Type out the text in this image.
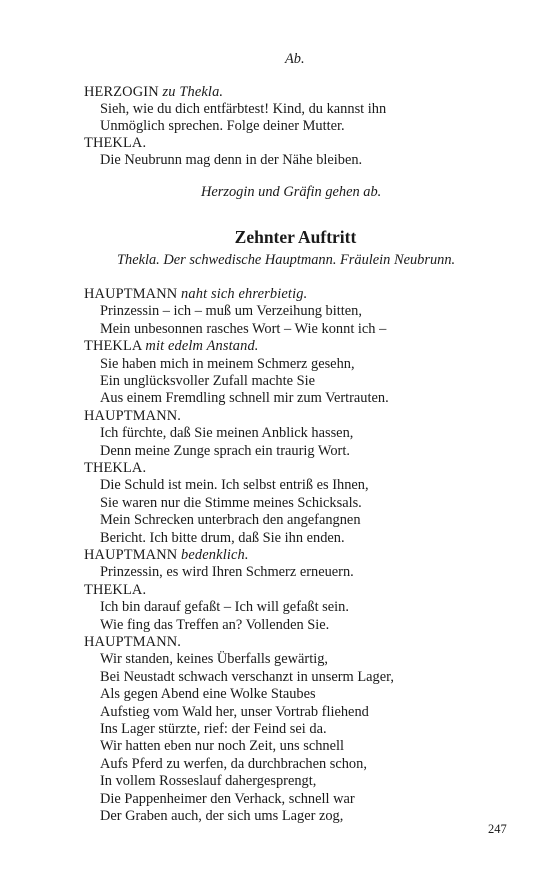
Ab.
HERZOGIN zu Thekla.
Sieh, wie du dich entfärbtest! Kind, du kannst ihn
Unmöglich sprechen. Folge deiner Mutter.
THEKLA.
Die Neubrunn mag denn in der Nähe bleiben.
Herzogin und Gräfin gehen ab.
Zehnter Auftritt
Thekla. Der schwedische Hauptmann. Fräulein Neubrunn.
HAUPTMANN naht sich ehrerbietig.
Prinzessin – ich – muß um Verzeihung bitten,
Mein unbesonnen rasches Wort – Wie konnt ich –
THEKLA mit edelm Anstand.
Sie haben mich in meinem Schmerz gesehn,
Ein unglücksvoller Zufall machte Sie
Aus einem Fremdling schnell mir zum Vertrauten.
HAUPTMANN.
Ich fürchte, daß Sie meinen Anblick hassen,
Denn meine Zunge sprach ein traurig Wort.
THEKLA.
Die Schuld ist mein. Ich selbst entriß es Ihnen,
Sie waren nur die Stimme meines Schicksals.
Mein Schrecken unterbrach den angefangnen
Bericht. Ich bitte drum, daß Sie ihn enden.
HAUPTMANN bedenklich.
Prinzessin, es wird Ihren Schmerz erneuern.
THEKLA.
Ich bin darauf gefaßt – Ich will gefaßt sein.
Wie fing das Treffen an? Vollenden Sie.
HAUPTMANN.
Wir standen, keines Überfalls gewärtig,
Bei Neustadt schwach verschanzt in unserm Lager,
Als gegen Abend eine Wolke Staubes
Aufstieg vom Wald her, unser Vortrab fliehend
Ins Lager stürzte, rief: der Feind sei da.
Wir hatten eben nur noch Zeit, uns schnell
Aufs Pferd zu werfen, da durchbrachen schon,
In vollem Rosseslauf dahergesprengt,
Die Pappenheimer den Verhack, schnell war
Der Graben auch, der sich ums Lager zog,
247
